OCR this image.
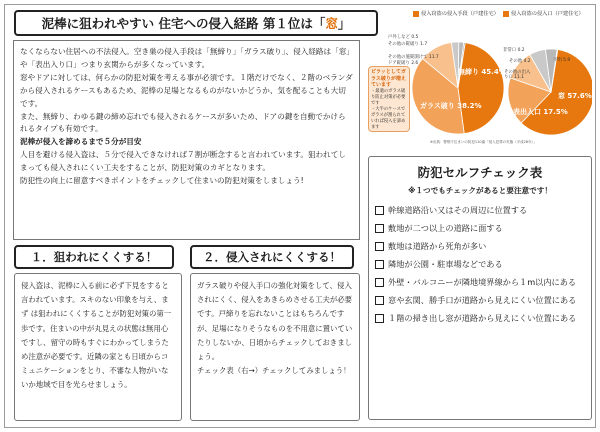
泥棒に狙われやすい 住宅への侵入経路 第１位は「 窓 」

なくならない住居への不法侵入。空き巣の侵入手段は「無締り」「ガラス破り」、侵入経路は「窓」や「表出入り口」つまり玄関からが多くなっています。

窓やドアに対しては、何らかの防犯対策を考える事が必須です。１階だけでなく、２階のベランダから侵入されるケースもあるため、泥棒の足場となるものがないかどうか、気を配ることも大切です。

また、無締り、わゆる鍵の締め忘れでも侵入されるケースが多いため、ドアの鍵を自動でかけられるタイプも有効です。

泥棒が侵入を諦めるまで５分が目安

人目を避ける侵入盗は、５分で侵入できなければ７割が断念すると言われています。狙われてしまっても侵入されにくい工夫をすることが、防犯対策のカギとなります。

防犯性の向上に留意すべきポイントをチェックして住まいの防犯対策をしましょう!

１．狙われにくくする！
侵入盗は、泥棒に入る前に必ず下見をすると言われています。スキのない印象を与え、まず は狙われにくくすることが防犯対策の第一歩です。住まいの中が丸見えの状態は無用心ですし、留守の時もすぐにわかってしまうため注意が必要です。近隣の家とも日頃からコミュニケーションをとり、不審な人物がいないか地域で目を光らせましょう。
２．侵入されにくくする！
ガラス破りや侵入手口の強化対策をして、侵入されにくく、侵入をあきらめさせる工夫が必要です。戸締りを忘れないことはもちろんですが、足場になりそうなものを不用意に置いていたりしないか、日頃からチェックしておきましょう。
チェック表（右→）チェックしてみましょう！
侵入窃盗の侵入手段（戸建住宅） 侵入窃盗の侵入口（戸建住宅）
戸外しなど 0.5
その他の錠破り 1.7
その他の施錠開けて 11.7
ドア錠破り 2.6
非常口 0.2
その他 4.2	不明 5.9
その他の出入り口 11.1
無締り 45.4%
ガラス破り 38.2%
窓 57.6%
表出入口 17.5%
ピラッとしてガラス破りが増えています
・最適のガラス破り防止対策が必要です
・大半のケースでガラスが割られていれば侵入を諦めます
※出典：警察庁住まいの防犯110番「侵入犯罪の実態（平成28年）」
防犯セルフチェック表
※１つでもチェックがあると要注意です！
幹線道路沿い又はその周辺に位置する
敷地が二つ以上の道路に面する
敷地は道路から死角が多い
隣地が公園・駐車場などである
外壁・バルコニーが隣地境界線から１m以内にある
窓や玄関、勝手口が道路から見えにくい位置にある
１階の掃き出し窓が道路から見えにくい位置にある
